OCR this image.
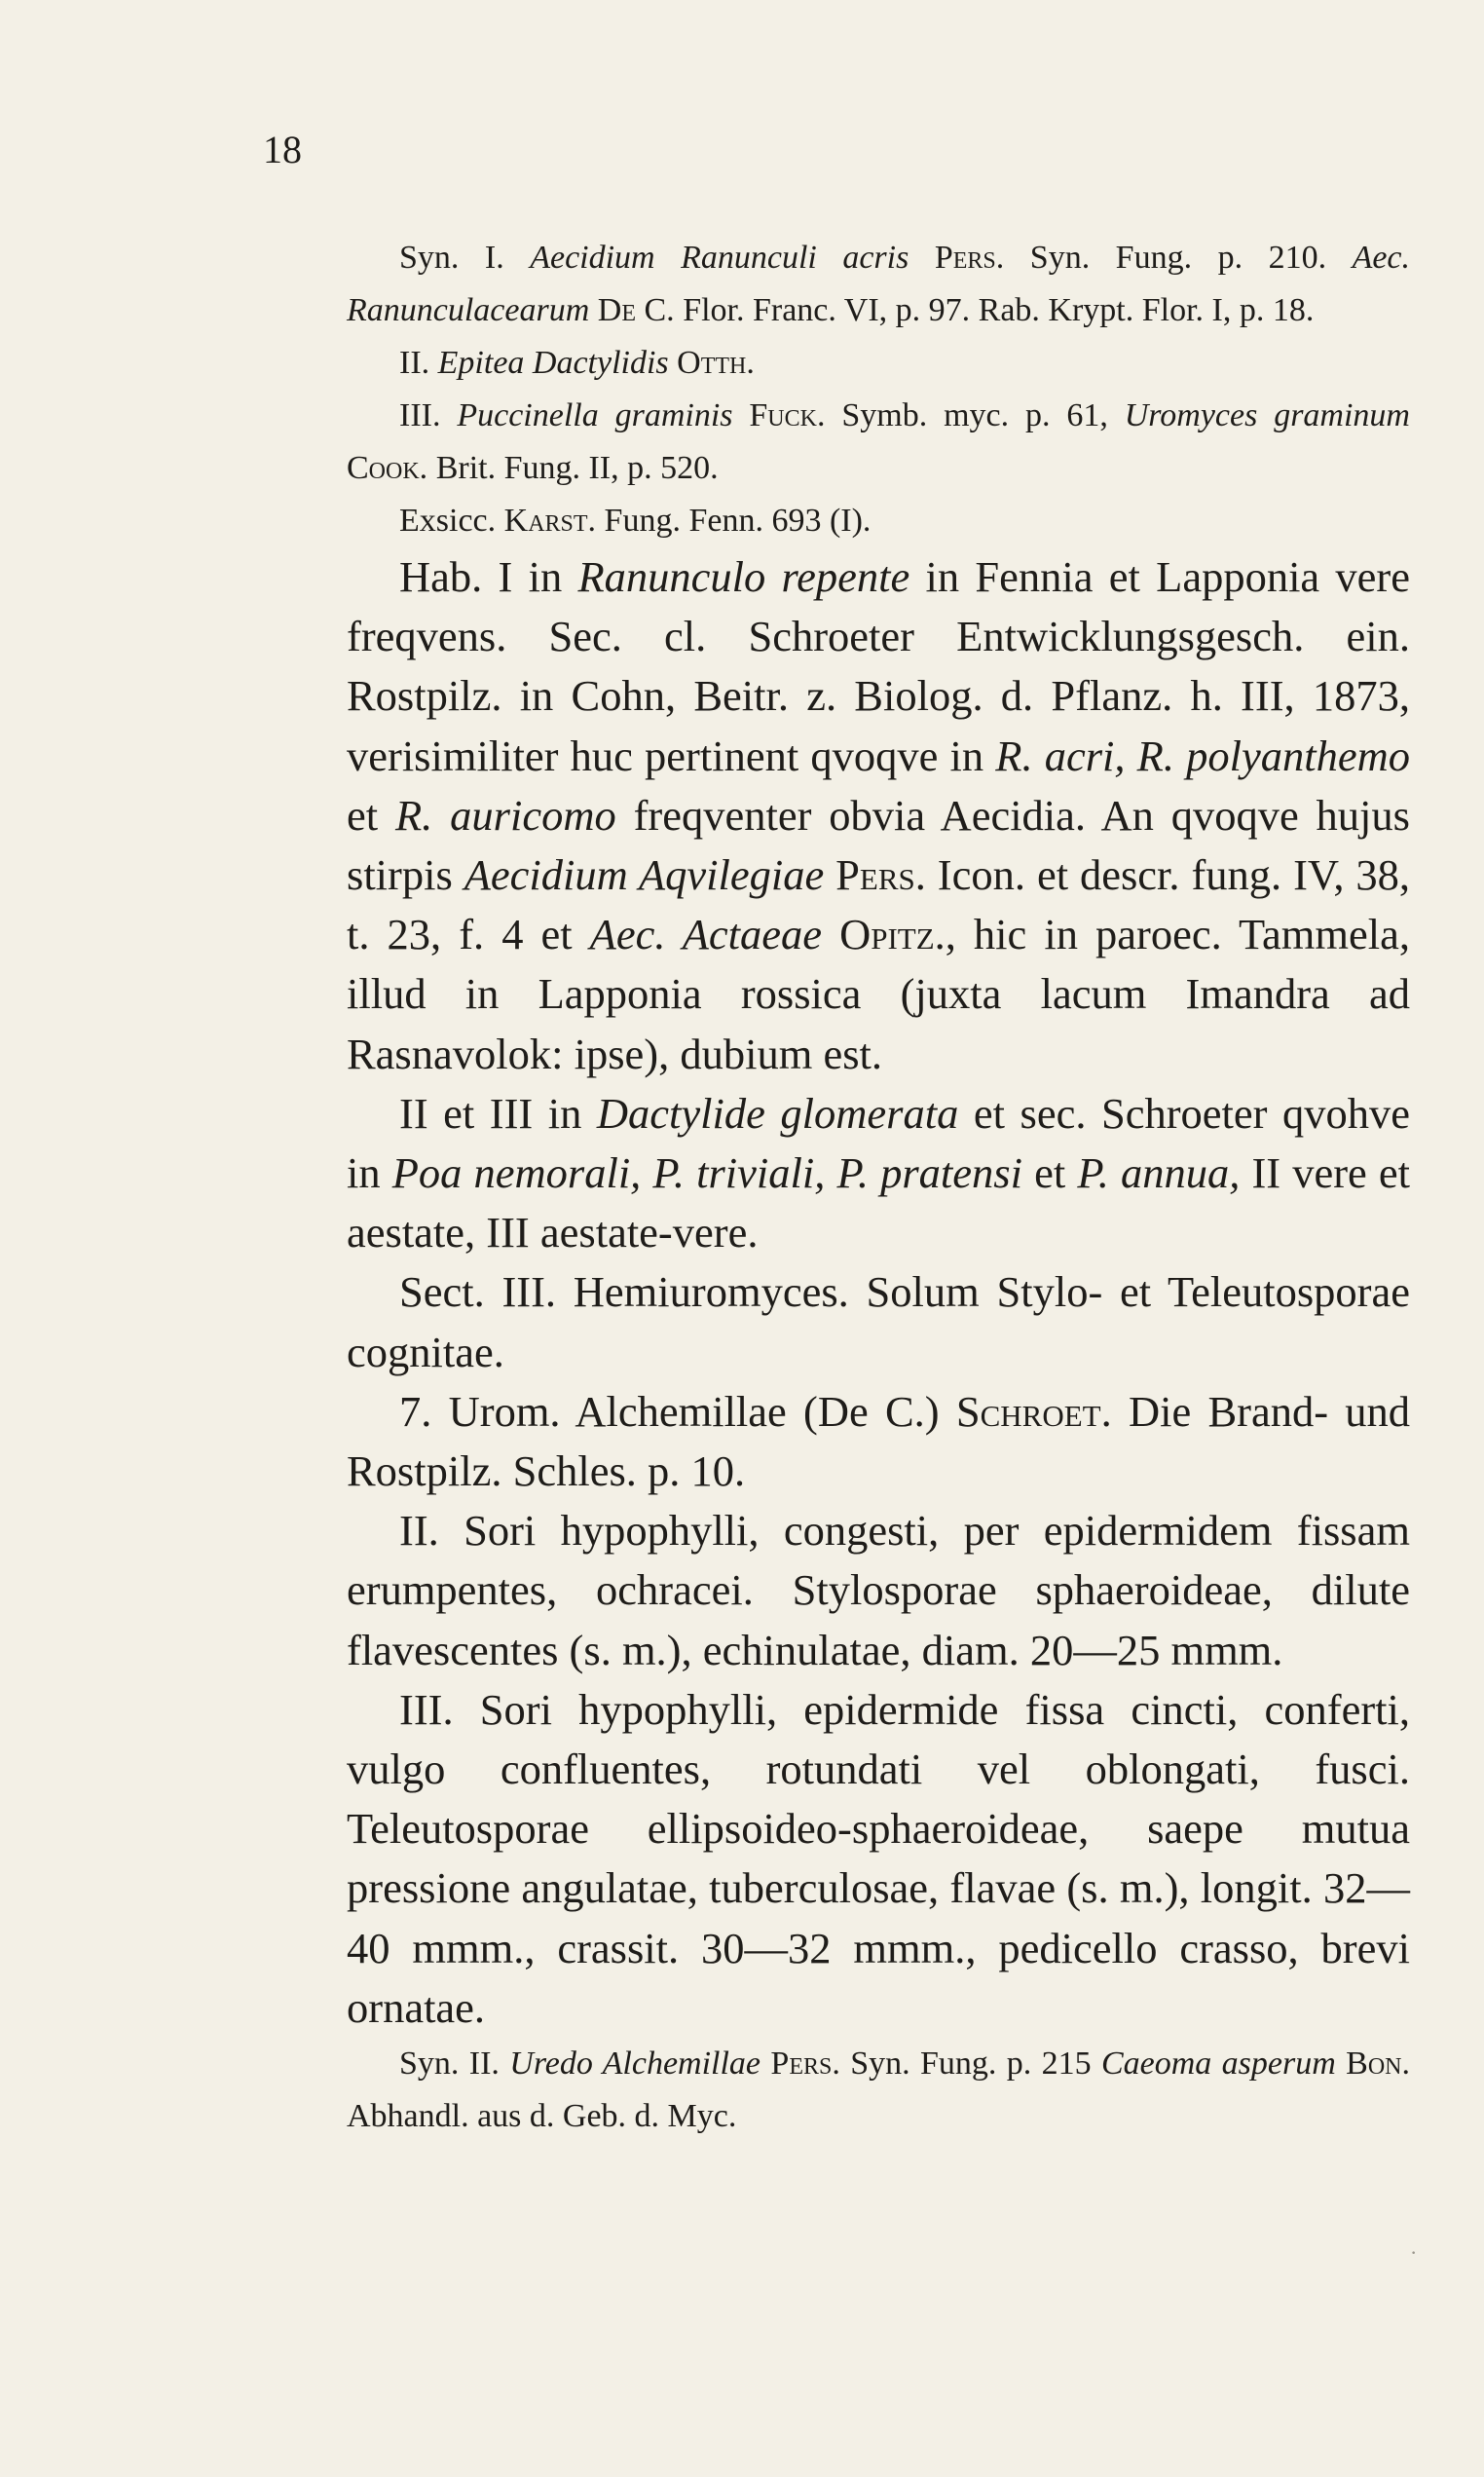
18

Syn. I. Aecidium Ranunculi acris Pers. Syn. Fung. p. 210. Aec. Ranunculacearum De C. Flor. Franc. VI, p. 97. Rab. Krypt. Flor. I, p. 18.

II. Epitea Dactylidis Otth.

III. Puccinella graminis Fuck. Symb. myc. p. 61, Uromyces graminum Cook. Brit. Fung. II, p. 520.

Exsicc. Karst. Fung. Fenn. 693 (I).

Hab. I in Ranunculo repente in Fennia et Lapponia vere freqvens. Sec. cl. Schroeter Entwicklungsgesch. ein. Rostpilz. in Cohn, Beitr. z. Biolog. d. Pflanz. h. III, 1873, verisimiliter huc pertinent qvoqve in R. acri, R. polyanthemo et R. auricomo freqventer obvia Aecidia. An qvoqve hujus stirpis Aecidium Aqvilegiae Pers. Icon. et descr. fung. IV, 38, t. 23, f. 4 et Aec. Actaeae Opitz., hic in paroec. Tammela, illud in Lapponia rossica (juxta lacum Imandra ad Rasnavolok: ipse), dubium est.

II et III in Dactylide glomerata et sec. Schroeter qvohve in Poa nemorali, P. triviali, P. pratensi et P. annua, II vere et aestate, III aestate-vere.

Sect. III. Hemiuromyces. Solum Stylo- et Teleutosporae cognitae.

7. Urom. Alchemillae (De C.) Schroet. Die Brand- und Rostpilz. Schles. p. 10.

II. Sori hypophylli, congesti, per epidermidem fissam erumpentes, ochracei. Stylosporae sphaeroideae, dilute flavescentes (s. m.), echinulatae, diam. 20—25 mmm.

III. Sori hypophylli, epidermide fissa cincti, conferti, vulgo confluentes, rotundati vel oblongati, fusci. Teleutosporae ellipsoideo-sphaeroideae, saepe mutua pressione angulatae, tuberculosae, flavae (s. m.), longit. 32—40 mmm., crassit. 30—32 mmm., pedicello crasso, brevi ornatae.

Syn. II. Uredo Alchemillae Pers. Syn. Fung. p. 215 Caeoma asperum Bon. Abhandl. aus d. Geb. d. Myc.

·
